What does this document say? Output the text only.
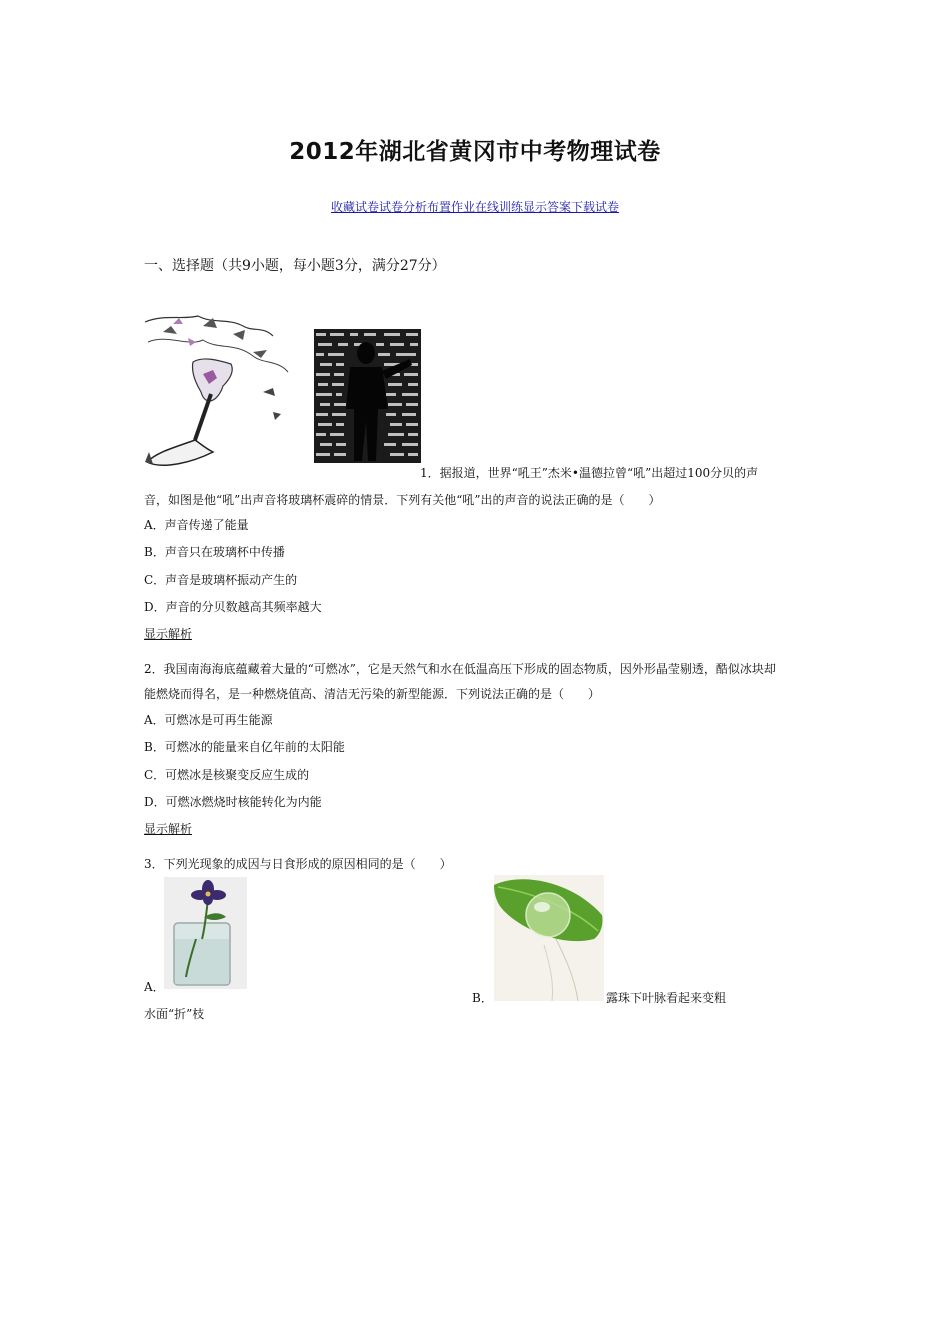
2012年湖北省黄冈市中考物理试卷
收藏试卷试卷分析布置作业在线训练显示答案下载试卷
一、选择题（共9小题，每小题3分，满分27分）
1．据报道，世界“吼王”杰米•温德拉曾“吼”出超过100分贝的声
音，如图是他“吼”出声音将玻璃杯震碎的情景．下列有关他“吼”出的声音的说法正确的是（　　）
A．声音传递了能量
B．声音只在玻璃杯中传播
C．声音是玻璃杯振动产生的
D．声音的分贝数越高其频率越大
显示解析
2．我国南海海底蕴藏着大量的“可燃冰”，它是天然气和水在低温高压下形成的固态物质，因外形晶莹剔透，酷似冰块却
能燃烧而得名，是一种燃烧值高、清洁无污染的新型能源．下列说法正确的是（　　）
A．可燃冰是可再生能源
B．可燃冰的能量来自亿年前的太阳能
C．可燃冰是核聚变反应生成的
D．可燃冰燃烧时核能转化为内能
显示解析
3．下列光现象的成因与日食形成的原因相同的是（　　）
A．
水面“折”枝
B．	露珠下叶脉看起来变粗
